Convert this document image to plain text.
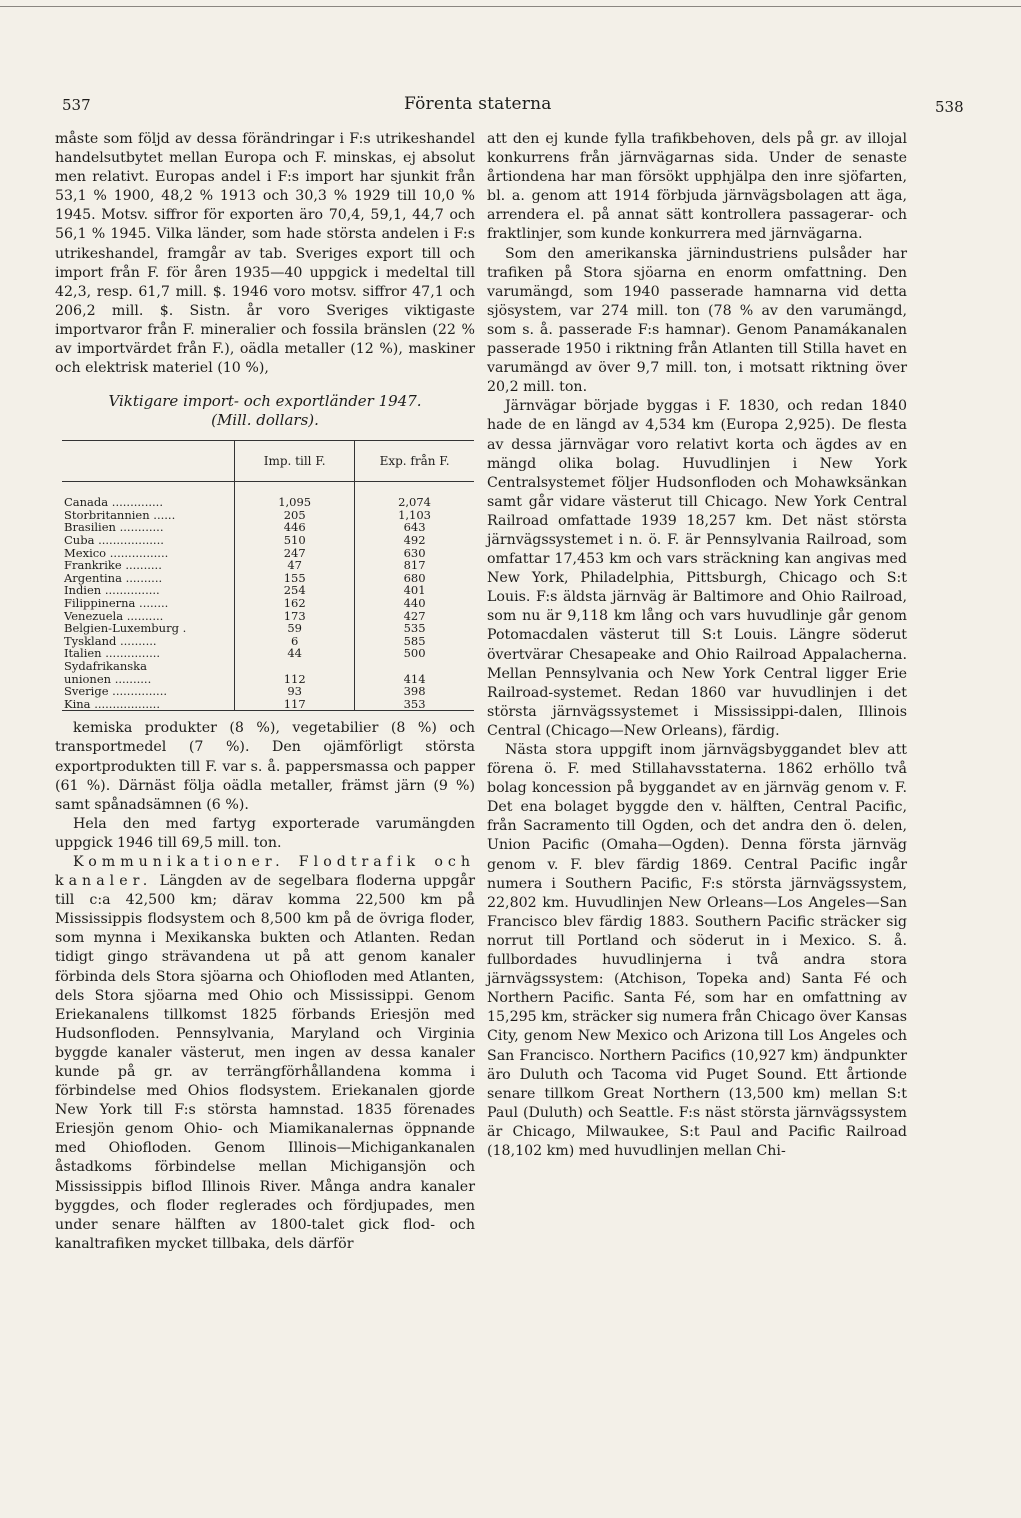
537	Förenta staterna	538

måste som följd av dessa förändringar i F:s utrikeshandel handelsutbytet mellan Europa och F. minskas, ej absolut men relativt. Europas andel i F:s import har sjunkit från 53,1 % 1900, 48,2 % 1913 och 30,3 % 1929 till 10,0 % 1945. Motsv. siffror för exporten äro 70,4, 59,1, 44,7 och 56,1 % 1945. Vilka länder, som hade största andelen i F:s utrikeshandel, framgår av tab. Sveriges export till och import från F. för åren 1935—40 uppgick i medeltal till 42,3, resp. 61,7 mill. $. 1946 voro motsv. siffror 47,1 och 206,2 mill. $. Sistn. år voro Sveriges viktigaste importvaror från F. mineralier och fossila bränslen (22 % av importvärdet från F.), oädla metaller (12 %), maskiner och elektrisk materiel (10 %),

Viktigare import- och exportländer 1947.
(Mill. dollars).
	Imp. till F.	Exp. från F.

Canada ..............	1,095	2,074
Storbritannien ......	205	1,103
Brasilien ............	446	643
Cuba ..................	510	492
Mexico ................	247	630
Frankrike ..........	47	817
Argentina ..........	155	680
Indien ...............	254	401
Filippinerna ........	162	440
Venezuela ..........	173	427
Belgien-Luxemburg .	59	535
Tyskland ..........	6	585
Italien ...............	44	500
Sydafrikanska		
unionen ..........	112	414
Sverige ...............	93	398
Kina ..................	117	353

kemiska produkter (8 %), vegetabilier (8 %) och transportmedel (7 %). Den ojämförligt största exportprodukten till F. var s. å. pappersmassa och papper (61 %). Därnäst följa oädla metaller, främst järn (9 %) samt spånadsämnen (6 %).

Hela den med fartyg exporterade varumängden uppgick 1946 till 69,5 mill. ton.

Kommunikationer. Flodtrafik och kanaler. Längden av de segelbara floderna uppgår till c:a 42,500 km; därav komma 22,500 km på Mississippis flodsystem och 8,500 km på de övriga floder, som mynna i Mexikanska bukten och Atlanten. Redan tidigt gingo strävandena ut på att genom kanaler förbinda dels Stora sjöarna och Ohiofloden med Atlanten, dels Stora sjöarna med Ohio och Mississippi. Genom Eriekanalens tillkomst 1825 förbands Eriesjön med Hudsonfloden. Pennsylvania, Maryland och Virginia byggde kanaler västerut, men ingen av dessa kanaler kunde på gr. av terrängförhållandena komma i förbindelse med Ohios flodsystem. Eriekanalen gjorde New York till F:s största hamnstad. 1835 förenades Eriesjön genom Ohio- och Miamikanalernas öppnande med Ohiofloden. Genom Illinois—Michigankanalen åstadkoms förbindelse mellan Michigansjön och Mississippis biflod Illinois River. Många andra kanaler byggdes, och floder reglerades och fördjupades, men under senare hälften av 1800-talet gick flod- och kanaltrafiken mycket tillbaka, dels därför

att den ej kunde fylla trafikbehoven, dels på gr. av illojal konkurrens från järnvägarnas sida. Under de senaste årtiondena har man försökt upphjälpa den inre sjöfarten, bl. a. genom att 1914 förbjuda järnvägsbolagen att äga, arrendera el. på annat sätt kontrollera passagerar- och fraktlinjer, som kunde konkurrera med järnvägarna.

Som den amerikanska järnindustriens pulsåder har trafiken på Stora sjöarna en enorm omfattning. Den varumängd, som 1940 passerade hamnarna vid detta sjösystem, var 274 mill. ton (78 % av den varumängd, som s. å. passerade F:s hamnar). Genom Panamákanalen passerade 1950 i riktning från Atlanten till Stilla havet en varumängd av över 9,7 mill. ton, i motsatt riktning över 20,2 mill. ton.

Järnvägar började byggas i F. 1830, och redan 1840 hade de en längd av 4,534 km (Europa 2,925). De flesta av dessa järnvägar voro relativt korta och ägdes av en mängd olika bolag. Huvudlinjen i New York Centralsystemet följer Hudsonfloden och Mohawksänkan samt går vidare västerut till Chicago. New York Central Railroad omfattade 1939 18,257 km. Det näst största järnvägssystemet i n. ö. F. är Pennsylvania Railroad, som omfattar 17,453 km och vars sträckning kan angivas med New York, Philadelphia, Pittsburgh, Chicago och S:t Louis. F:s äldsta järnväg är Baltimore and Ohio Railroad, som nu är 9,118 km lång och vars huvudlinje går genom Potomacdalen västerut till S:t Louis. Längre söderut övertvärar Chesapeake and Ohio Railroad Appalacherna. Mellan Pennsylvania och New York Central ligger Erie Railroad-systemet. Redan 1860 var huvudlinjen i det största järnvägssystemet i Mississippi-dalen, Illinois Central (Chicago—New Orleans), färdig.

Nästa stora uppgift inom järnvägsbyggandet blev att förena ö. F. med Stillahavsstaterna. 1862 erhöllo två bolag koncession på byggandet av en järnväg genom v. F. Det ena bolaget byggde den v. hälften, Central Pacific, från Sacramento till Ogden, och det andra den ö. delen, Union Pacific (Omaha—Ogden). Denna första järnväg genom v. F. blev färdig 1869. Central Pacific ingår numera i Southern Pacific, F:s största järnvägssystem, 22,802 km. Huvudlinjen New Orleans—Los Angeles—San Francisco blev färdig 1883. Southern Pacific sträcker sig norrut till Portland och söderut in i Mexico. S. å. fullbordades huvudlinjerna i två andra stora järnvägssystem: (Atchison, Topeka and) Santa Fé och Northern Pacific. Santa Fé, som har en omfattning av 15,295 km, sträcker sig numera från Chicago över Kansas City, genom New Mexico och Arizona till Los Angeles och San Francisco. Northern Pacifics (10,927 km) ändpunkter äro Duluth och Tacoma vid Puget Sound. Ett årtionde senare tillkom Great Northern (13,500 km) mellan S:t Paul (Duluth) och Seattle. F:s näst största järnvägssystem är Chicago, Milwaukee, S:t Paul and Pacific Railroad (18,102 km) med huvudlinjen mellan Chi-
